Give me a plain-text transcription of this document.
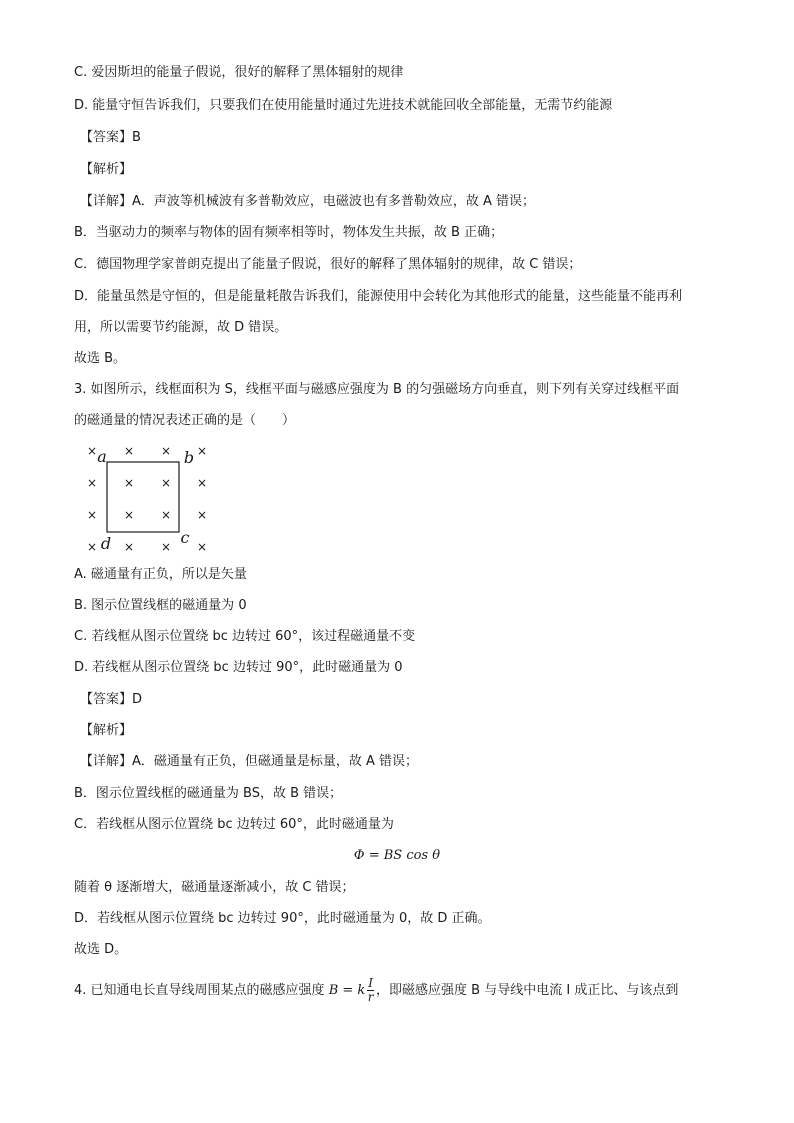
C. 爱因斯坦的能量子假说，很好的解释了黑体辐射的规律
D. 能量守恒告诉我们，只要我们在使用能量时通过先进技术就能回收全部能量，无需节约能源
【答案】B
【解析】
【详解】A．声波等机械波有多普勒效应，电磁波也有多普勒效应，故 A 错误；
B．当驱动力的频率与物体的固有频率相等时，物体发生共振，故 B 正确；
C．德国物理学家普朗克提出了能量子假说，很好的解释了黑体辐射的规律，故 C 错误；
D．能量虽然是守恒的，但是能量耗散告诉我们，能源使用中会转化为其他形式的能量，这些能量不能再利
用，所以需要节约能源，故 D 错误。
故选 B。
3. 如图所示，线框面积为 S，线框平面与磁感应强度为 B 的匀强磁场方向垂直，则下列有关穿过线框平面
的磁通量的情况表述正确的是（　　）
× × × ×
× × × ×
× × × ×
× × × ×
a	b
c
d
A. 磁通量有正负，所以是矢量
B. 图示位置线框的磁通量为 0
C. 若线框从图示位置绕 bc 边转过 60°，该过程磁通量不变
D. 若线框从图示位置绕 bc 边转过 90°，此时磁通量为 0
【答案】D
【解析】
【详解】A．磁通量有正负，但磁通量是标量，故 A 错误；
B．图示位置线框的磁通量为 BS，故 B 错误；
C．若线框从图示位置绕 bc 边转过 60°，此时磁通量为
Φ = BS cos θ
随着 θ 逐渐增大，磁通量逐渐减小，故 C 错误；
D．若线框从图示位置绕 bc 边转过 90°，此时磁通量为 0，故 D 正确。
故选 D。
4. 已知通电长直导线周围某点的磁感应强度 B = k $\frac{I}{r}$ ，即磁感应强度 B 与导线中电流 I 成正比、与该点到
